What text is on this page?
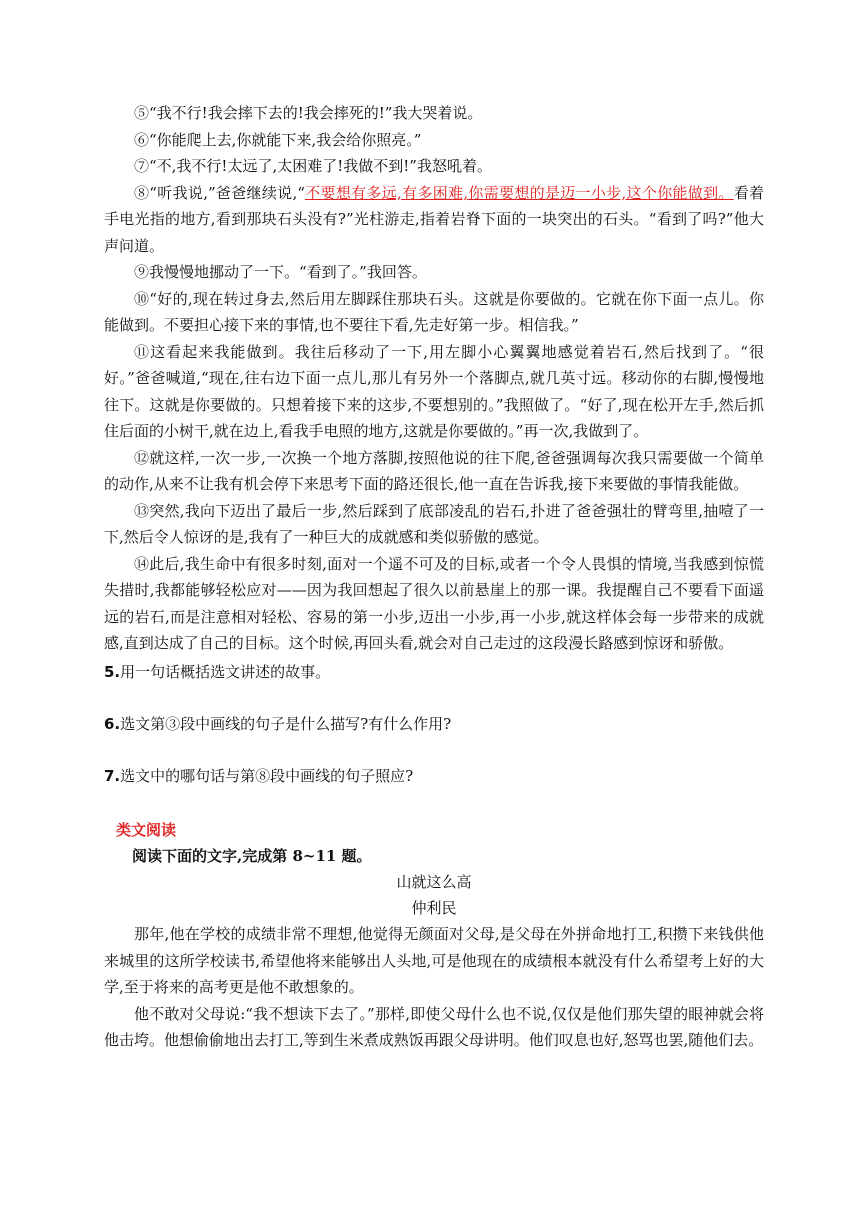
⑤“我不行!我会摔下去的!我会摔死的!”我大哭着说。

⑥“你能爬上去,你就能下来,我会给你照亮。”

⑦“不,我不行!太远了,太困难了!我做不到!”我怒吼着。

⑧“听我说,”爸爸继续说,“不要想有多远,有多困难,你需要想的是迈一小步,这个你能做到。看着手电光指的地方,看到那块石头没有?”光柱游走,指着岩脊下面的一块突出的石头。“看到了吗?”他大声问道。

⑨我慢慢地挪动了一下。“看到了。”我回答。

⑩“好的,现在转过身去,然后用左脚踩住那块石头。这就是你要做的。它就在你下面一点儿。你能做到。不要担心接下来的事情,也不要往下看,先走好第一步。相信我。”

⑪这看起来我能做到。我往后移动了一下,用左脚小心翼翼地感觉着岩石,然后找到了。“很好。”爸爸喊道,“现在,往右边下面一点儿,那儿有另外一个落脚点,就几英寸远。移动你的右脚,慢慢地往下。这就是你要做的。只想着接下来的这步,不要想别的。”我照做了。“好了,现在松开左手,然后抓住后面的小树干,就在边上,看我手电照的地方,这就是你要做的。”再一次,我做到了。

⑫就这样,一次一步,一次换一个地方落脚,按照他说的往下爬,爸爸强调每次我只需要做一个简单的动作,从来不让我有机会停下来思考下面的路还很长,他一直在告诉我,接下来要做的事情我能做。

⑬突然,我向下迈出了最后一步,然后踩到了底部凌乱的岩石,扑进了爸爸强壮的臂弯里,抽噎了一下,然后令人惊讶的是,我有了一种巨大的成就感和类似骄傲的感觉。

⑭此后,我生命中有很多时刻,面对一个遥不可及的目标,或者一个令人畏惧的情境,当我感到惊慌失措时,我都能够轻松应对——因为我回想起了很久以前悬崖上的那一课。我提醒自己不要看下面遥远的岩石,而是注意相对轻松、容易的第一小步,迈出一小步,再一小步,就这样体会每一步带来的成就感,直到达成了自己的目标。这个时候,再回头看,就会对自己走过的这段漫长路感到惊讶和骄傲。

5.用一句话概括选文讲述的故事。

6.选文第③段中画线的句子是什么描写?有什么作用?

7.选文中的哪句话与第⑧段中画线的句子照应?

类文阅读

阅读下面的文字,完成第 8~11 题。

山就这么高

仲利民

那年,他在学校的成绩非常不理想,他觉得无颜面对父母,是父母在外拼命地打工,积攒下来钱供他来城里的这所学校读书,希望他将来能够出人头地,可是他现在的成绩根本就没有什么希望考上好的大学,至于将来的高考更是他不敢想象的。

他不敢对父母说:“我不想读下去了。”那样,即使父母什么也不说,仅仅是他们那失望的眼神就会将他击垮。他想偷偷地出去打工,等到生米煮成熟饭再跟父母讲明。他们叹息也好,怒骂也罢,随他们去。
